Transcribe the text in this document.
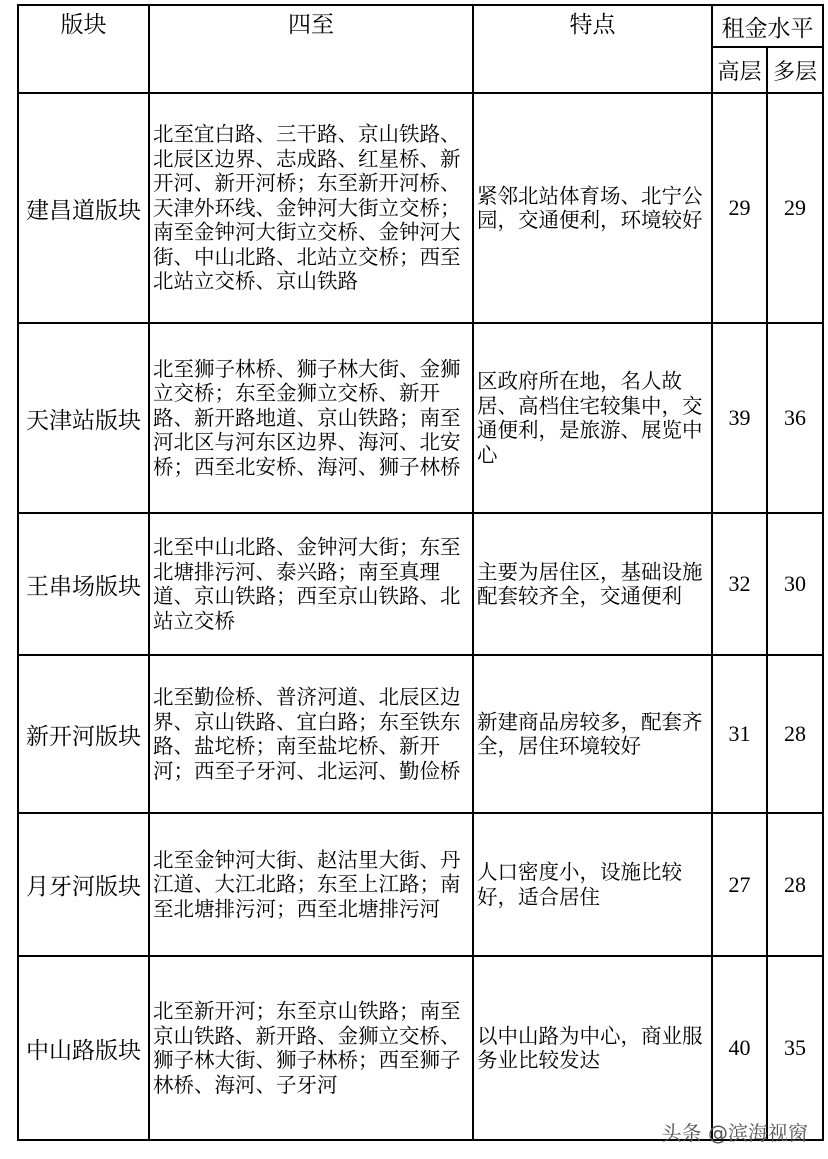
版块	四至	特点	租金水平	
			高层	多层
建昌道版块	北至宜白路、三干路、京山铁路、北辰区边界、志成路、红星桥、新开河、新开河桥；东至新开河桥、天津外环线、金钟河大街立交桥；南至金钟河大街立交桥、金钟河大街、中山北路、北站立交桥；西至北站立交桥、京山铁路	紧邻北站体育场、北宁公园，交通便利，环境较好	29	29
天津站版块	北至狮子林桥、狮子林大街、金狮立交桥；东至金狮立交桥、新开路、新开路地道、京山铁路；南至河北区与河东区边界、海河、北安桥；西至北安桥、海河、狮子林桥	区政府所在地，名人故居、高档住宅较集中，交通便利，是旅游、展览中心	39	36
王串场版块	北至中山北路、金钟河大街；东至北塘排污河、泰兴路；南至真理道、京山铁路；西至京山铁路、北站立交桥	主要为居住区，基础设施配套较齐全，交通便利	32	30
新开河版块	北至勤俭桥、普济河道、北辰区边界、京山铁路、宜白路；东至铁东路、盐坨桥；南至盐坨桥、新开河；西至子牙河、北运河、勤俭桥	新建商品房较多，配套齐全，居住环境较好	31	28
月牙河版块	北至金钟河大街、赵沽里大街、丹江道、大江北路；东至上江路；南至北塘排污河；西至北塘排污河	人口密度小，设施比较好，适合居住	27	28
中山路版块	北至新开河；东至京山铁路；南至京山铁路、新开路、金狮立交桥、狮子林大街、狮子林桥；西至狮子林桥、海河、子牙河	以中山路为中心，商业服务业比较发达	40	35
头条 @滨海视窗
